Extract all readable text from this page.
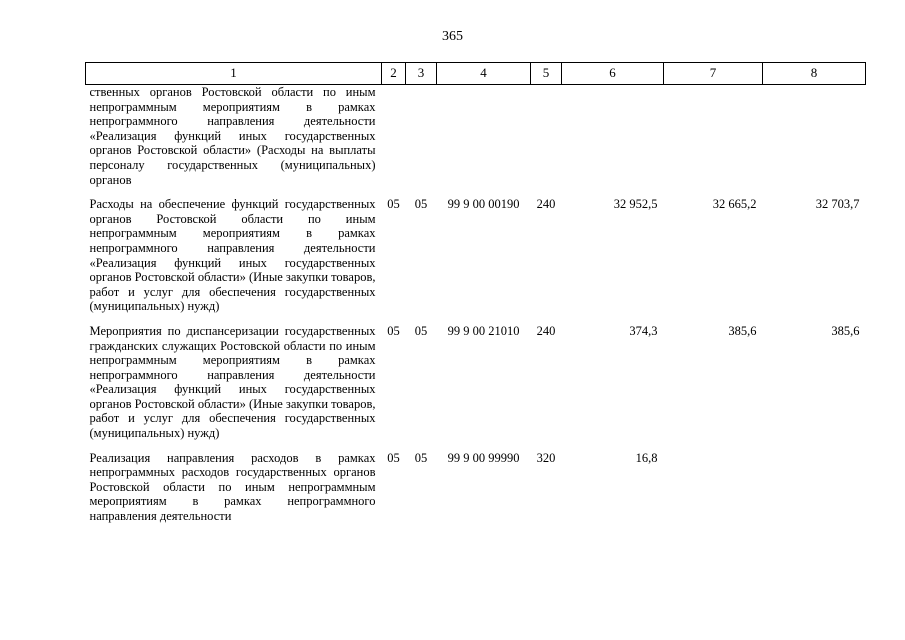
365
1	2	3	4	5	6	7	8
ственных органов Ростовской области по иным непрограммным мероприятиям в рамках непрограммного направления деятельности «Реализация функций иных государственных органов Ростовской области» (Расходы на выплаты персоналу государственных (муниципальных) органов							
Расходы на обеспечение функций государственных органов Ростовской области по иным непрограммным мероприятиям в рамках непрограммного направления деятельности «Реализация функций иных государственных органов Ростовской области» (Иные закупки товаров, работ и услуг для обеспечения государственных (муниципальных) нужд)	05	05	99 9 00 00190	240	32 952,5	32 665,2	32 703,7
Мероприятия по диспансеризации государственных гражданских служащих Ростовской области по иным непрограммным мероприятиям в рамках непрограммного направления деятельности «Реализация функций иных государственных органов Ростовской области» (Иные закупки товаров, работ и услуг для обеспечения государственных (муниципальных) нужд)	05	05	99 9 00 21010	240	374,3	385,6	385,6
Реализация направления расходов в рамках непрограммных расходов государственных органов Ростовской области по иным непрограммным мероприятиям в рамках непрограммного направления деятельности	05	05	99 9 00 99990	320	16,8		
